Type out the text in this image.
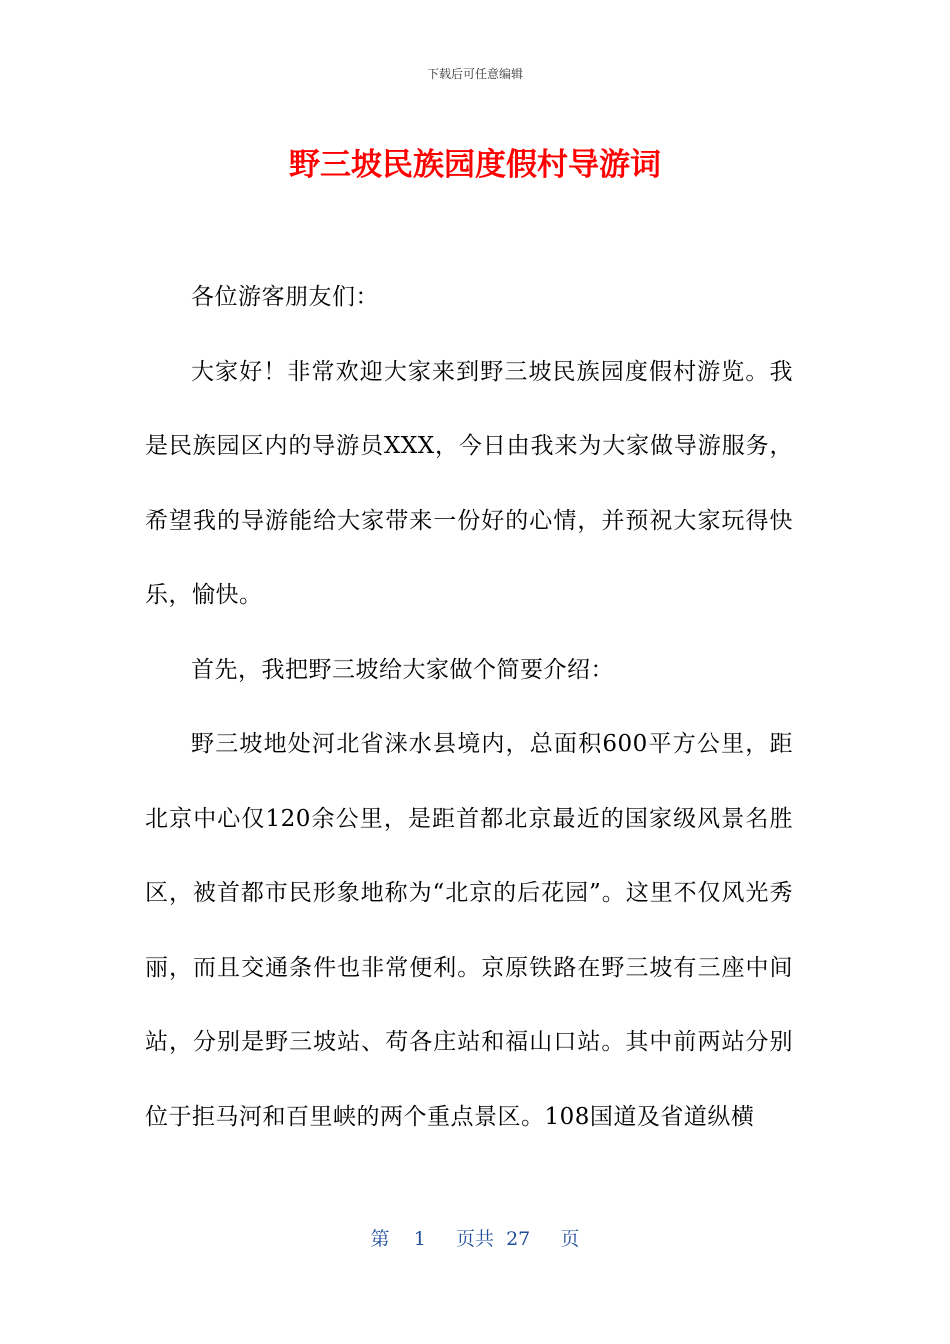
下载后可任意编辑
野三坡民族园度假村导游词

各位游客朋友们：

大家好！非常欢迎大家来到野三坡民族园度假村游览。我是民族园区内的导游员XXX，今日由我来为大家做导游服务，希望我的导游能给大家带来一份好的心情，并预祝大家玩得快乐，愉快。

首先，我把野三坡给大家做个简要介绍：

野三坡地处河北省涞水县境内，总面积600平方公里，距北京中心仅120余公里，是距首都北京最近的国家级风景名胜区，被首都市民形象地称为“北京的后花园”。这里不仅风光秀丽，而且交通条件也非常便利。京原铁路在野三坡有三座中间站，分别是野三坡站、苟各庄站和福山口站。其中前两站分别位于拒马河和百里峡的两个重点景区。108国道及省道纵横

第 1 页共 27 页
